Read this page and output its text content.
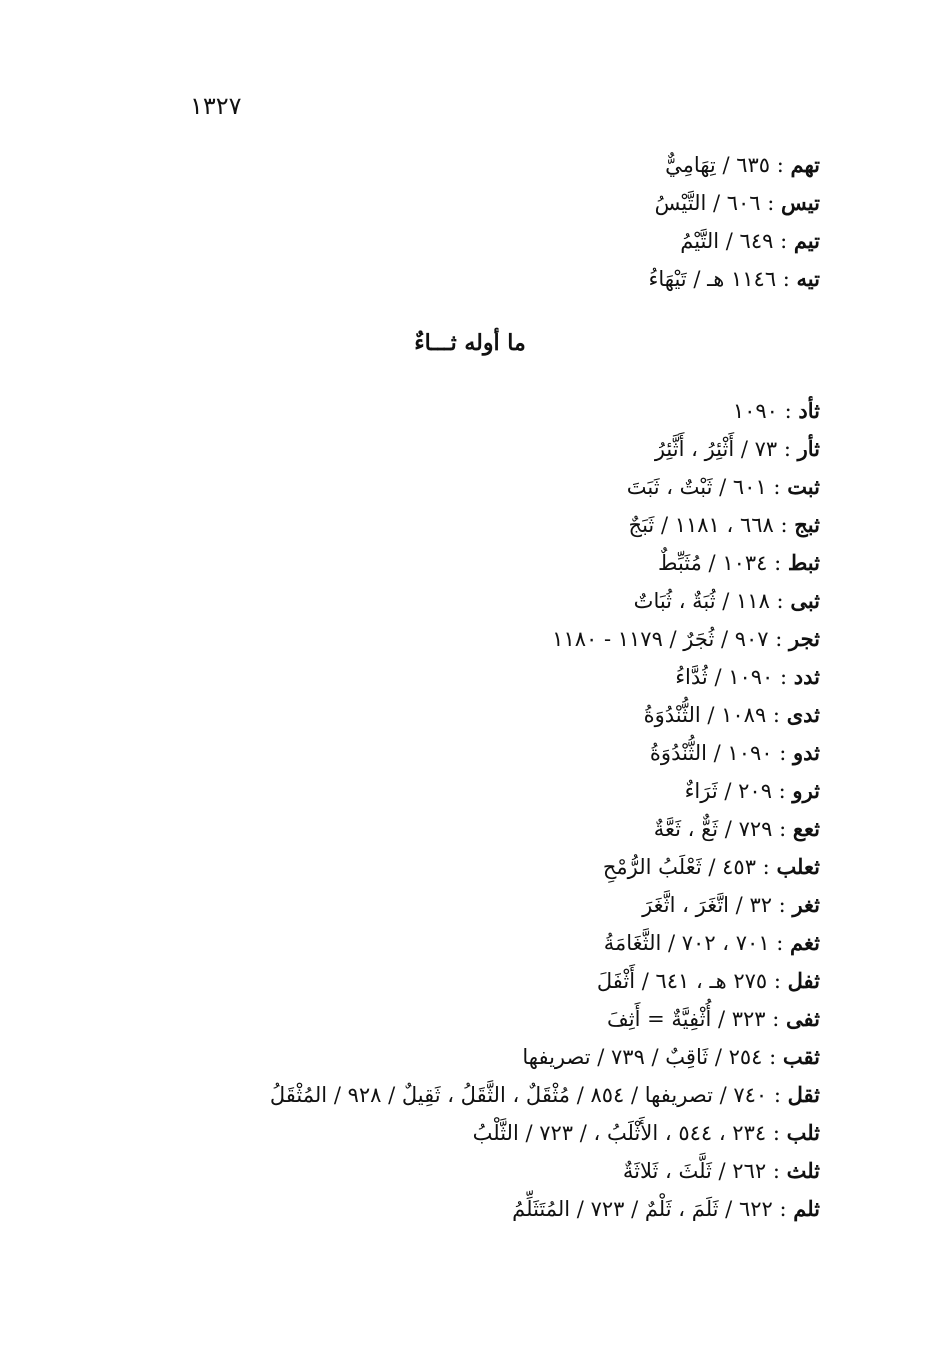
١٣٢٧
تهم : ٦٣٥ / تِهَامِيٌّ
تيس : ٦٠٦ / التَّيْسُ
تيم : ٦٤٩ / التَّيْمُ
تيه : ١١٤٦ هـ / تَيْهَاءُ
ما أوله ثـــاءٌ
ثأد : ١٠٩٠
ثأر : ٧٣ / أَثْئِرُ ، أَثَّئِرُ
ثبت : ٦٠١ / ثَبْتٌ ، ثَبَتَ
ثبج : ٦٦٨ ، ١١٨١ / ثَبَجٌ
ثبط : ١٠٣٤ / مُثَبِّطٌ
ثبى : ١١٨ / ثُبَةٌ ، ثُبَاتٌ
ثجر : ٩٠٧ / ثُجَرٌ / ١١٧٩ - ١١٨٠
ثدد : ١٠٩٠ / ثُدَّاءُ
ثدى : ١٠٨٩ / الثُّنْدُوَةُ
ثدو : ١٠٩٠ / الثُّنْدُوَةُ
ثرو : ٢٠٩ / ثَرَاءٌ
ثعع : ٧٢٩ / ثَعٌّ ، ثَعَّةٌ
ثعلب : ٤٥٣ / ثَعْلَبُ الرُّمْحِ
ثغر : ٣٢ / اتَّغَرَ ، اثَّغَرَ
ثغم : ٧٠١ ، ٧٠٢ / الثَّغَامَةُ
ثفل : ٢٧٥ هـ ، ٦٤١ / أَثْفَلَ
ثفى : ٣٢٣ / أُثْفِيَّةٌ = أَثِفَ
ثقب : ٢٥٤ / ثَاقِبٌ / ٧٣٩ / تصريفها
ثقل : ٧٤٠ / تصريفها / ٨٥٤ / مُثْقَلٌ ، الثَّقَلُ ، ثَقِيلٌ / ٩٢٨ / المُثْقَلُ
ثلب : ٢٣٤ ، ٥٤٤ ، الأَثْلَبُ ، / ٧٢٣ / الثَّلْبُ
ثلث : ٢٦٢ / ثَلَّثَ ، ثَلاثَةٌ
ثلم : ٦٢٢ / ثَلَمَ ، ثَلْمٌ / ٧٢٣ / المُتَثَلِّمُ
